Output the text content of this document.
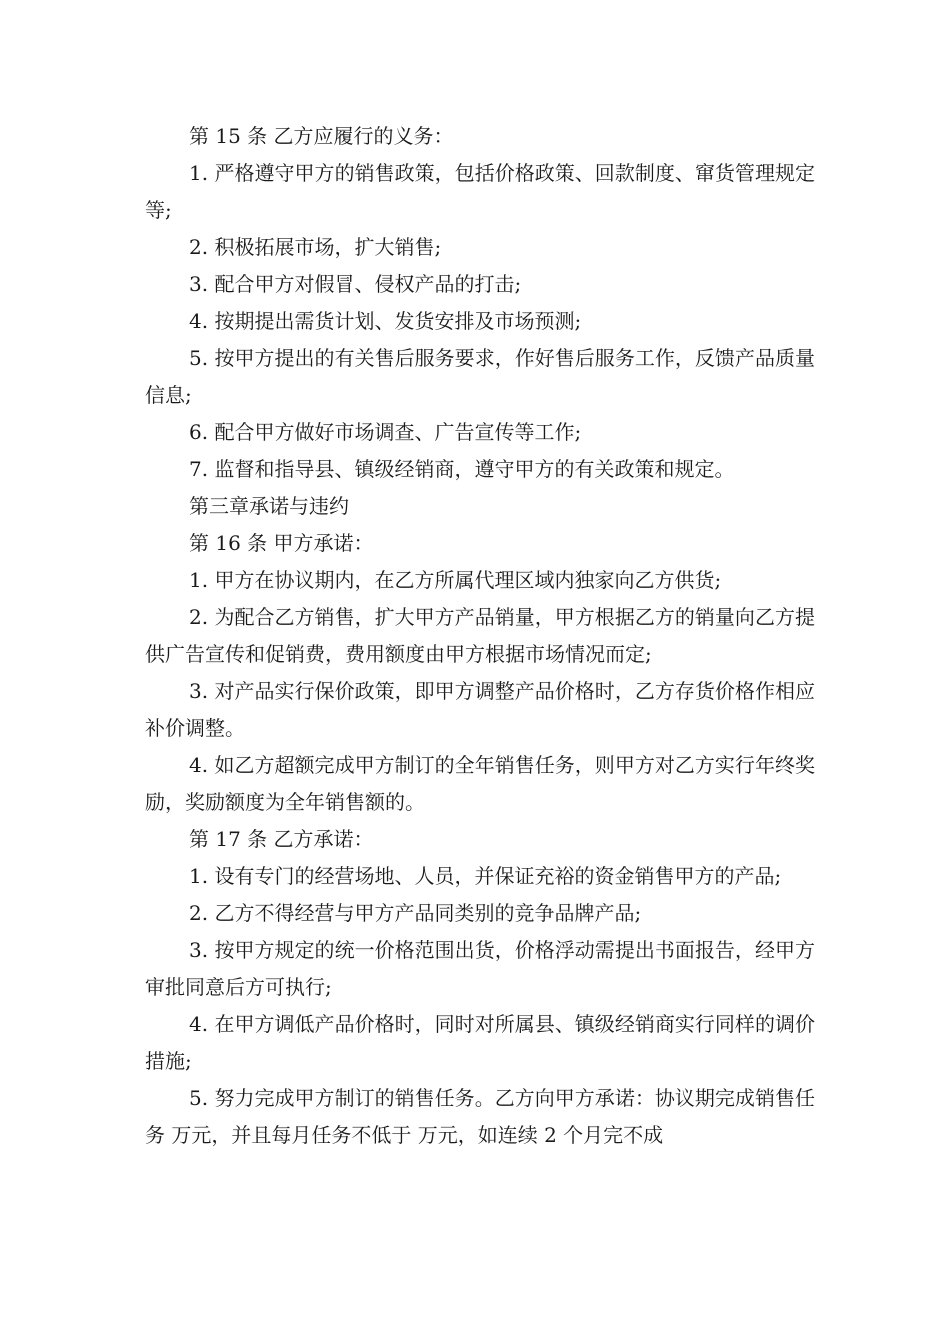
第 15 条 乙方应履行的义务：

1. 严格遵守甲方的销售政策，包括价格政策、回款制度、窜货管理规定等;

2. 积极拓展市场，扩大销售;

3. 配合甲方对假冒、侵权产品的打击;

4. 按期提出需货计划、发货安排及市场预测;

5. 按甲方提出的有关售后服务要求，作好售后服务工作，反馈产品质量信息;

6. 配合甲方做好市场调查、广告宣传等工作;

7. 监督和指导县、镇级经销商，遵守甲方的有关政策和规定。

第三章承诺与违约

第 16 条 甲方承诺：

1. 甲方在协议期内，在乙方所属代理区域内独家向乙方供货;

2. 为配合乙方销售，扩大甲方产品销量，甲方根据乙方的销量向乙方提供广告宣传和促销费，费用额度由甲方根据市场情况而定;

3. 对产品实行保价政策，即甲方调整产品价格时，乙方存货价格作相应补价调整。

4. 如乙方超额完成甲方制订的全年销售任务，则甲方对乙方实行年终奖励，奖励额度为全年销售额的。

第 17 条 乙方承诺：

1. 设有专门的经营场地、人员，并保证充裕的资金销售甲方的产品;

2. 乙方不得经营与甲方产品同类别的竞争品牌产品;

3. 按甲方规定的统一价格范围出货，价格浮动需提出书面报告，经甲方审批同意后方可执行;

4. 在甲方调低产品价格时，同时对所属县、镇级经销商实行同样的调价措施;

5. 努力完成甲方制订的销售任务。乙方向甲方承诺：协议期完成销售任务 万元，并且每月任务不低于 万元，如连续 2 个月完不成
